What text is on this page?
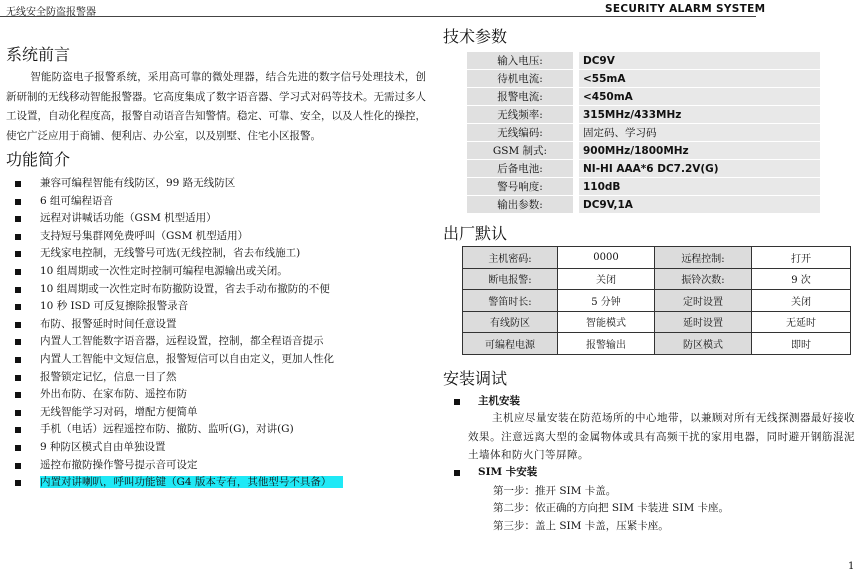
无线安全防盗报警器	SECURITY ALARM SYSTEM
系统前言
智能防盗电子报警系统，采用高可靠的微处理器，结合先进的数字信号处理技术，创新研制的无线移动智能报警器。它高度集成了数字语音器、学习式对码等技术。无需过多人工设置，自动化程度高，报警自动语音告知警情。稳定、可靠、安全，以及人性化的操控，使它广泛应用于商铺、便利店、办公室，以及别墅、住宅小区报警。
功能简介
兼容可编程智能有线防区，99 路无线防区
6 组可编程语音
远程对讲喊话功能（GSM 机型适用）
支持短号集群网免费呼叫（GSM 机型适用）
无线家电控制，无线警号可选(无线控制，省去布线施工)
10 组周期或一次性定时控制可编程电源输出或关闭。
10 组周期或一次性定时布防撤防设置，省去手动布撤防的不便
10 秒 ISD 可反复擦除报警录音
布防、报警延时时间任意设置
内置人工智能数字语音器，远程设置，控制，都全程语音提示
内置人工智能中文短信息，报警短信可以自由定义，更加人性化
报警锁定记忆，信息一目了然
外出布防、在家布防、遥控布防
无线智能学习对码，增配方便简单
手机（电话）远程遥控布防、撤防、监听(G)，对讲(G)
9 种防区模式自由单独设置
遥控布撤防操作警号提示音可设定
内置对讲喇叭，呼叫功能键（G4 版本专有，其他型号不具备）
技术参数
输入电压:		DC9V
待机电流:		<55mA
报警电流:		<450mA
无线频率:		315MHz/433MHz
无线编码:		固定码、学习码
GSM 制式:		900MHz/1800MHz
后备电池:		NI-HI AAA*6 DC7.2V(G)
警号响度:		110dB
输出参数:		DC9V,1A
出厂默认
主机密码:	0000	远程控制:	打开
断电报警:	关闭	振铃次数:	9 次
警笛时长:	5 分钟	定时设置	关闭
有线防区	智能模式	延时设置	无延时
可编程电源	报警输出	防区模式	即时
安装调试
主机安装
主机应尽量安装在防范场所的中心地带，以兼顾对所有无线探测器最好接收效果。注意远离大型的金属物体或具有高频干扰的家用电器，同时避开钢筋混泥土墙体和防火门等屏障。
SIM 卡安装
第一步：推开 SIM 卡盖。
第二步：依正确的方向把 SIM 卡装进 SIM 卡座。
第三步：盖上 SIM 卡盖，压紧卡座。
1
